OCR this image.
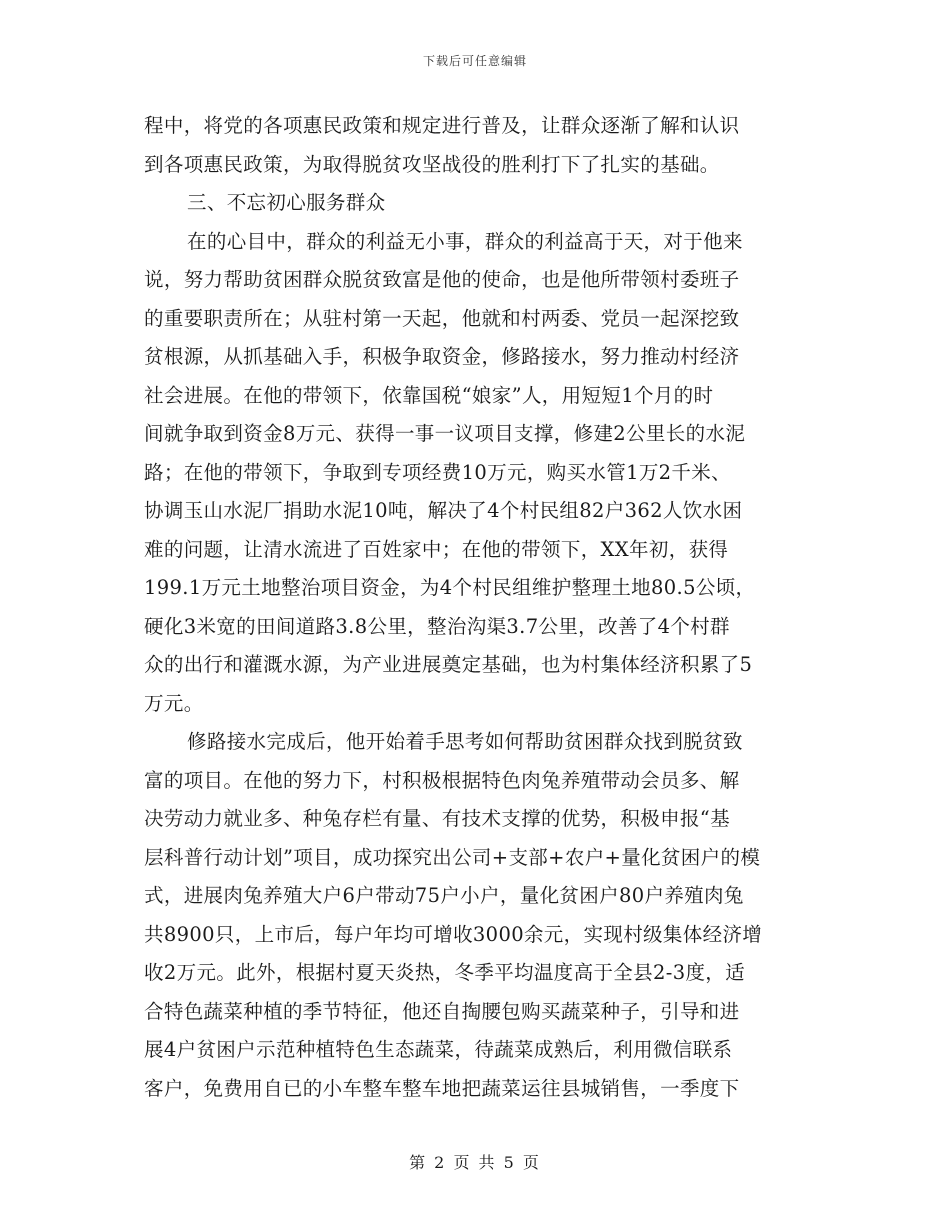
下载后可任意编辑
程中，将党的各项惠民政策和规定进行普及，让群众逐渐了解和认识
到各项惠民政策，为取得脱贫攻坚战役的胜利打下了扎实的基础。
三、不忘初心服务群众
在的心目中，群众的利益无小事，群众的利益高于天，对于他来
说，努力帮助贫困群众脱贫致富是他的使命，也是他所带领村委班子
的重要职责所在；从驻村第一天起，他就和村两委、党员一起深挖致
贫根源，从抓基础入手，积极争取资金，修路接水，努力推动村经济
社会进展。在他的带领下，依靠国税“娘家”人，用短短1个月的时
间就争取到资金8万元、获得一事一议项目支撑，修建2公里长的水泥
路；在他的带领下，争取到专项经费10万元，购买水管1万2千米、
协调玉山水泥厂捐助水泥10吨，解决了4个村民组82户362人饮水困
难的问题，让清水流进了百姓家中；在他的带领下，XX年初，获得
199.1万元土地整治项目资金，为4个村民组维护整理土地80.5公顷，
硬化3米宽的田间道路3.8公里，整治沟渠3.7公里，改善了4个村群
众的出行和灌溉水源，为产业进展奠定基础，也为村集体经济积累了5
万元。
修路接水完成后，他开始着手思考如何帮助贫困群众找到脱贫致
富的项目。在他的努力下，村积极根据特色肉兔养殖带动会员多、解
决劳动力就业多、种兔存栏有量、有技术支撑的优势，积极申报“基
层科普行动计划”项目，成功探究出公司+支部+农户+量化贫困户的模
式，进展肉兔养殖大户6户带动75户小户，量化贫困户80户养殖肉兔
共8900只，上市后，每户年均可增收3000余元，实现村级集体经济增
收2万元。此外，根据村夏天炎热，冬季平均温度高于全县2-3度，适
合特色蔬菜种植的季节特征，他还自掏腰包购买蔬菜种子，引导和进
展4户贫困户示范种植特色生态蔬菜，待蔬菜成熟后，利用微信联系
客户，免费用自已的小车整车整车地把蔬菜运往县城销售，一季度下
第 2 页 共 5 页
